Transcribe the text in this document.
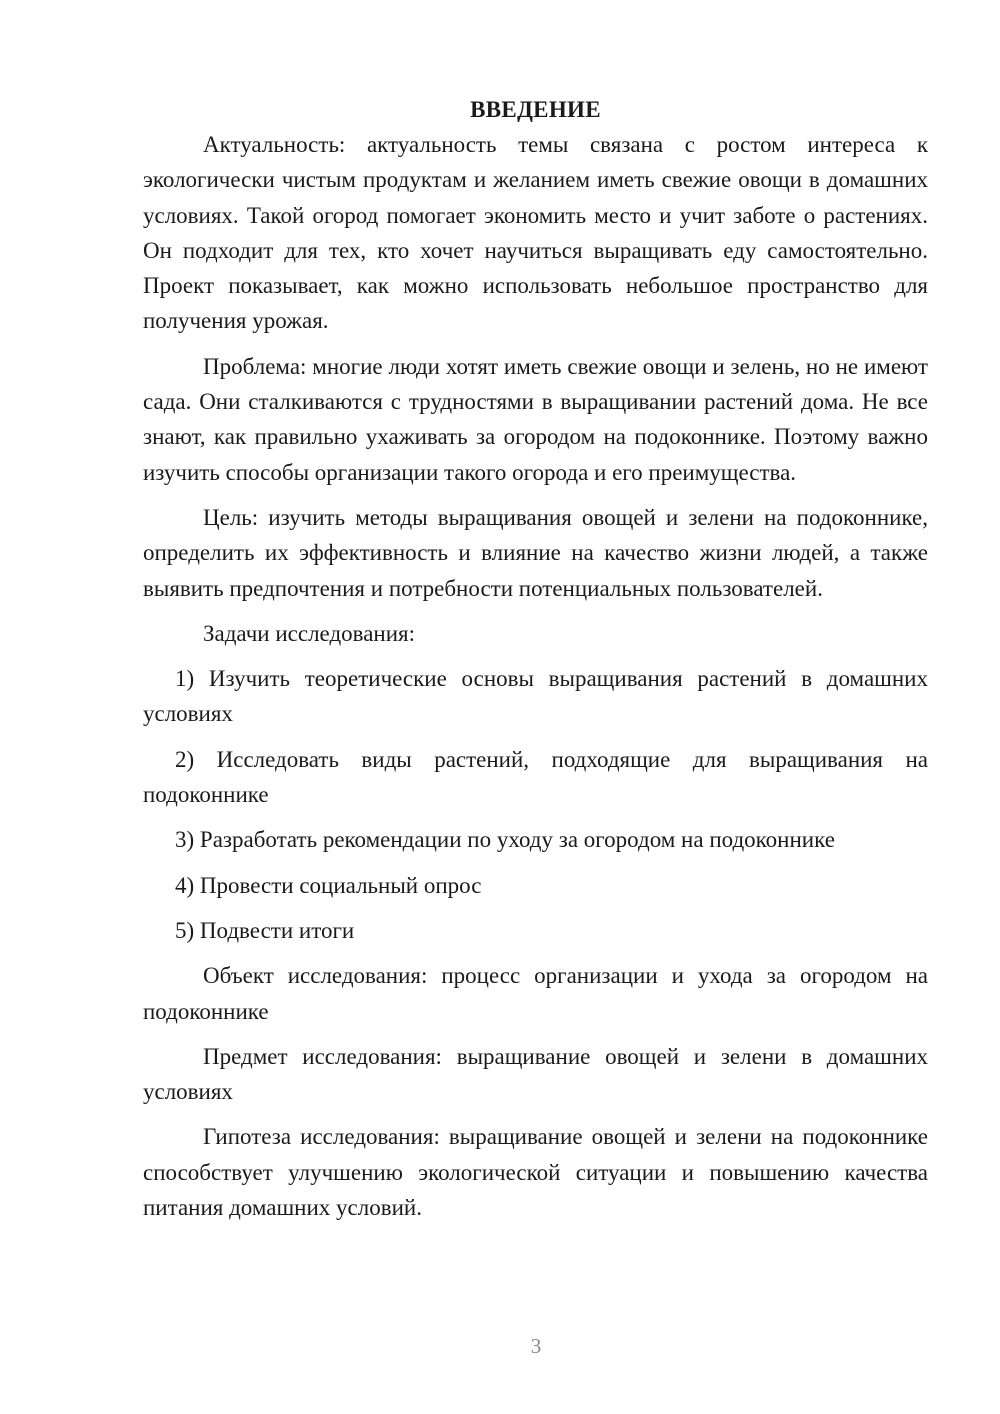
ВВЕДЕНИЕ

Актуальность: актуальность темы связана с ростом интереса к экологически чистым продуктам и желанием иметь свежие овощи в домашних условиях. Такой огород помогает экономить место и учит заботе о растениях. Он подходит для тех, кто хочет научиться выращивать еду самостоятельно. Проект показывает, как можно использовать небольшое пространство для получения урожая.

Проблема: многие люди хотят иметь свежие овощи и зелень, но не имеют сада. Они сталкиваются с трудностями в выращивании растений дома. Не все знают, как правильно ухаживать за огородом на подоконнике. Поэтому важно изучить способы организации такого огорода и его преимущества.

Цель: изучить методы выращивания овощей и зелени на подоконнике, определить их эффективность и влияние на качество жизни людей, а также выявить предпочтения и потребности потенциальных пользователей.

Задачи исследования:

1) Изучить теоретические основы выращивания растений в домашних условиях

2) Исследовать виды растений, подходящие для выращивания на подоконнике

3) Разработать рекомендации по уходу за огородом на подоконнике

4) Провести социальный опрос

5) Подвести итоги

Объект исследования: процесс организации и ухода за огородом на подоконнике

Предмет исследования: выращивание овощей и зелени в домашних условиях

Гипотеза исследования: выращивание овощей и зелени на подоконнике способствует улучшению экологической ситуации и повышению качества питания домашних условий.

3
